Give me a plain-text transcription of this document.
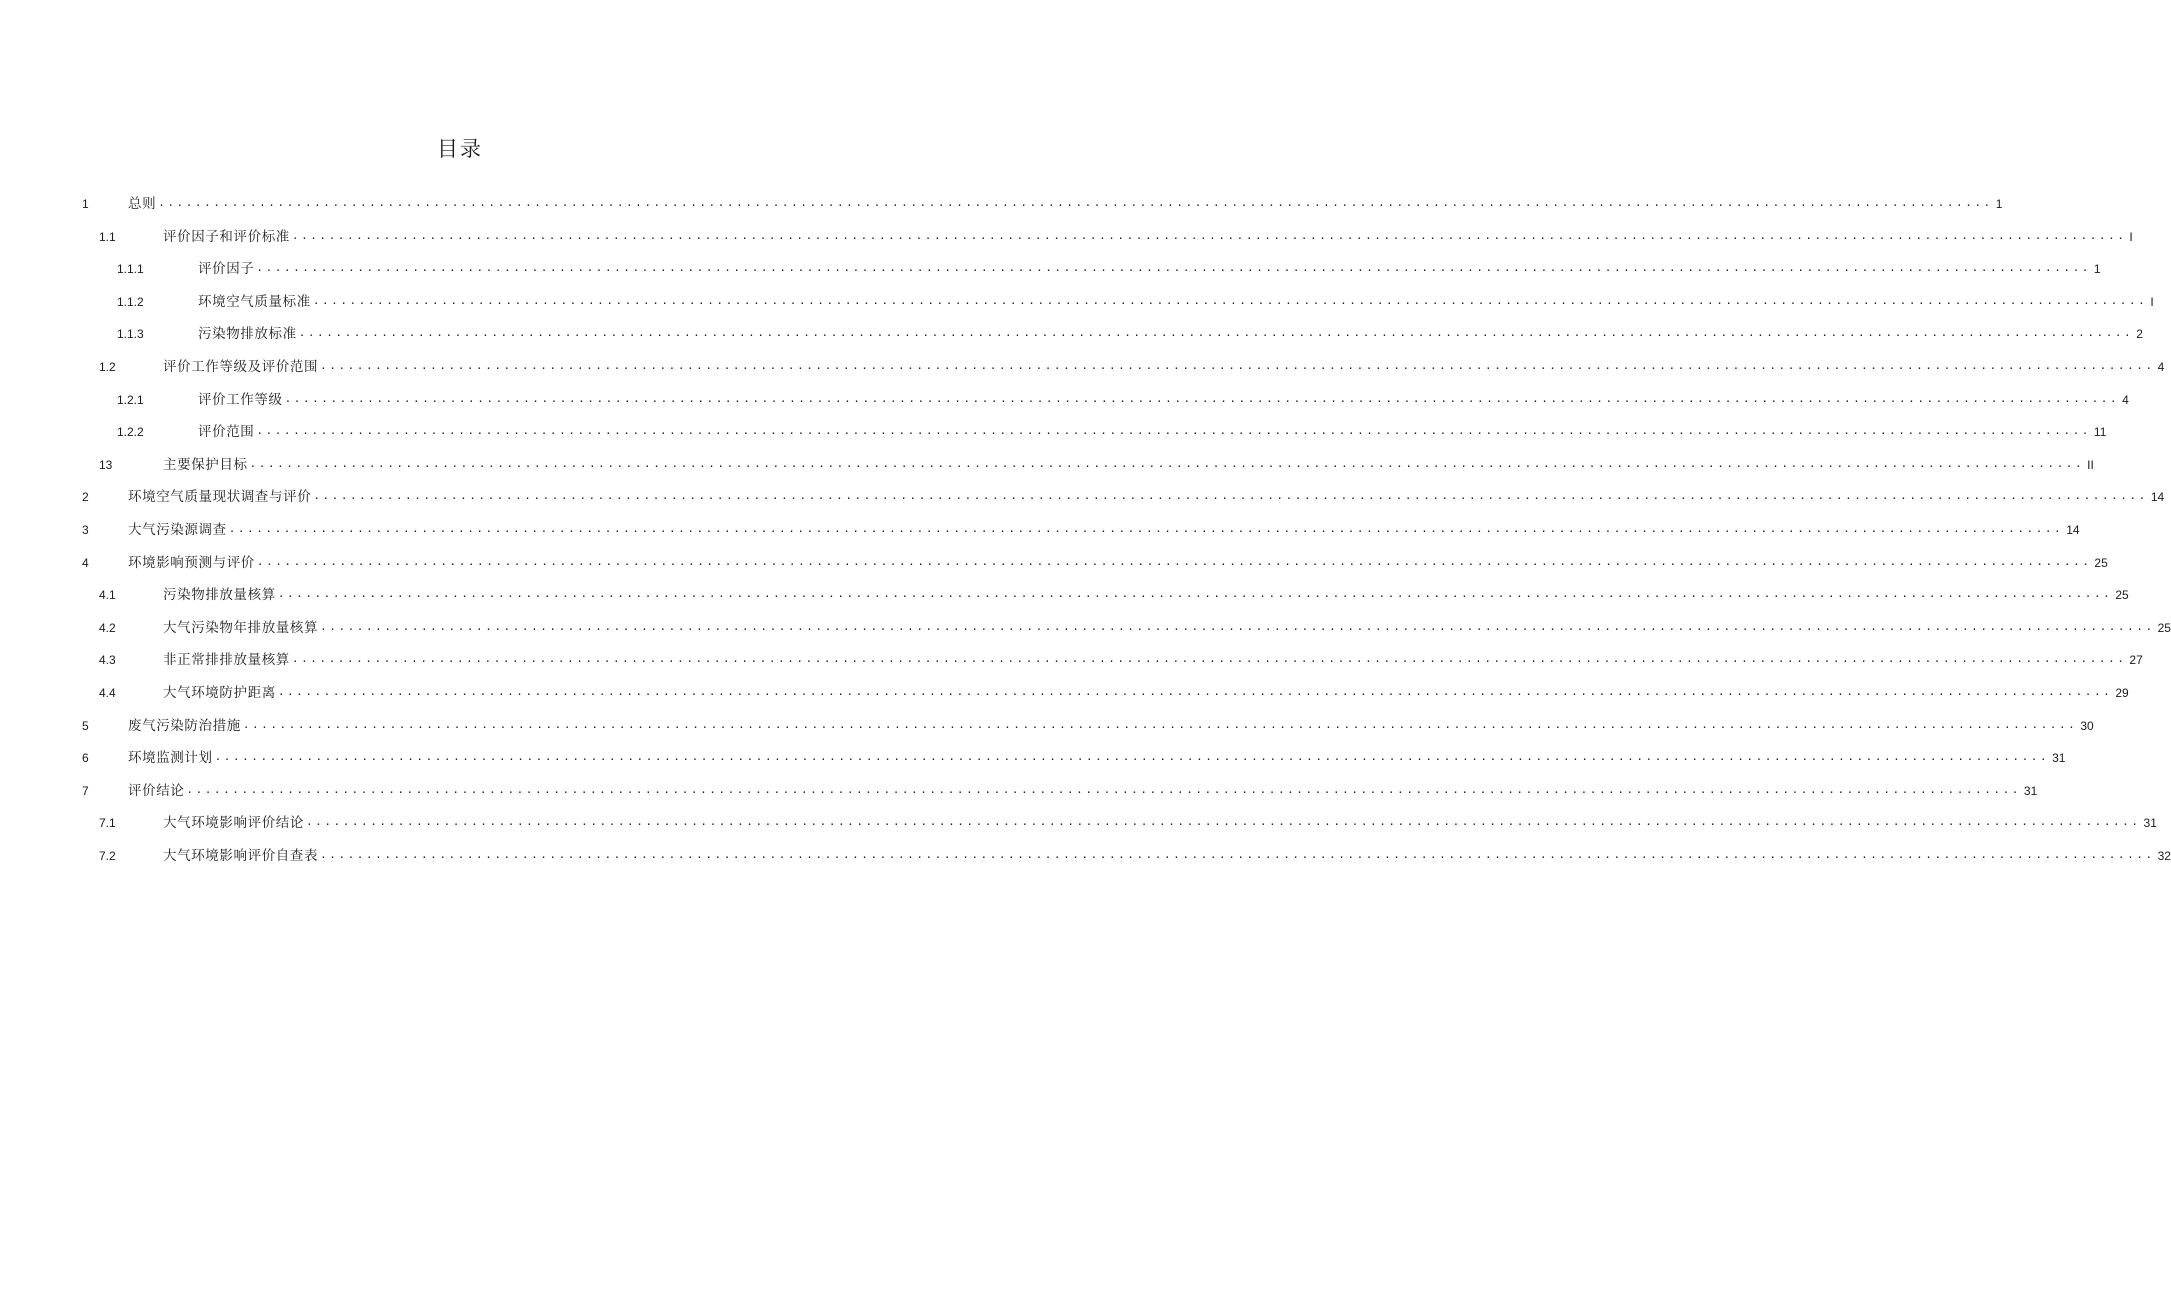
目录
1	总则 ........................................................................................................................................................................................................ 1
1.1	评价因子和评价标准 ........................................................................................................................................................................................................ I
1.1.1	评价因子 ........................................................................................................................................................................................................ 1
1.1.2	环境空气质量标准 ........................................................................................................................................................................................................ I
1.1.3	污染物排放标准 ........................................................................................................................................................................................................ 2
1.2	评价工作等级及评价范围 ........................................................................................................................................................................................................ 4
1.2.1	评价工作等级 ........................................................................................................................................................................................................ 4
1.2.2	评价范围 ........................................................................................................................................................................................................ 11
13	主要保护目标 ........................................................................................................................................................................................................ II
2	环境空气质量现状调查与评价 ........................................................................................................................................................................................................ 14
3	大气污染源调查 ........................................................................................................................................................................................................ 14
4	环境影响预测与评价 ........................................................................................................................................................................................................ 25
4.1	污染物排放量核算 ........................................................................................................................................................................................................ 25
4.2	大气污染物年排放量核算 ........................................................................................................................................................................................................ 25
4.3	非正常排排放量核算 ........................................................................................................................................................................................................ 27
4.4	大气环境防护距离 ........................................................................................................................................................................................................ 29
5	废气污染防治措施 ........................................................................................................................................................................................................ 30
6	环境监测计划 ........................................................................................................................................................................................................ 31
7	评价结论 ........................................................................................................................................................................................................ 31
7.1	大气环境影响评价结论 ........................................................................................................................................................................................................ 31
7.2	大气环境影响评价自查表 ........................................................................................................................................................................................................ 32
